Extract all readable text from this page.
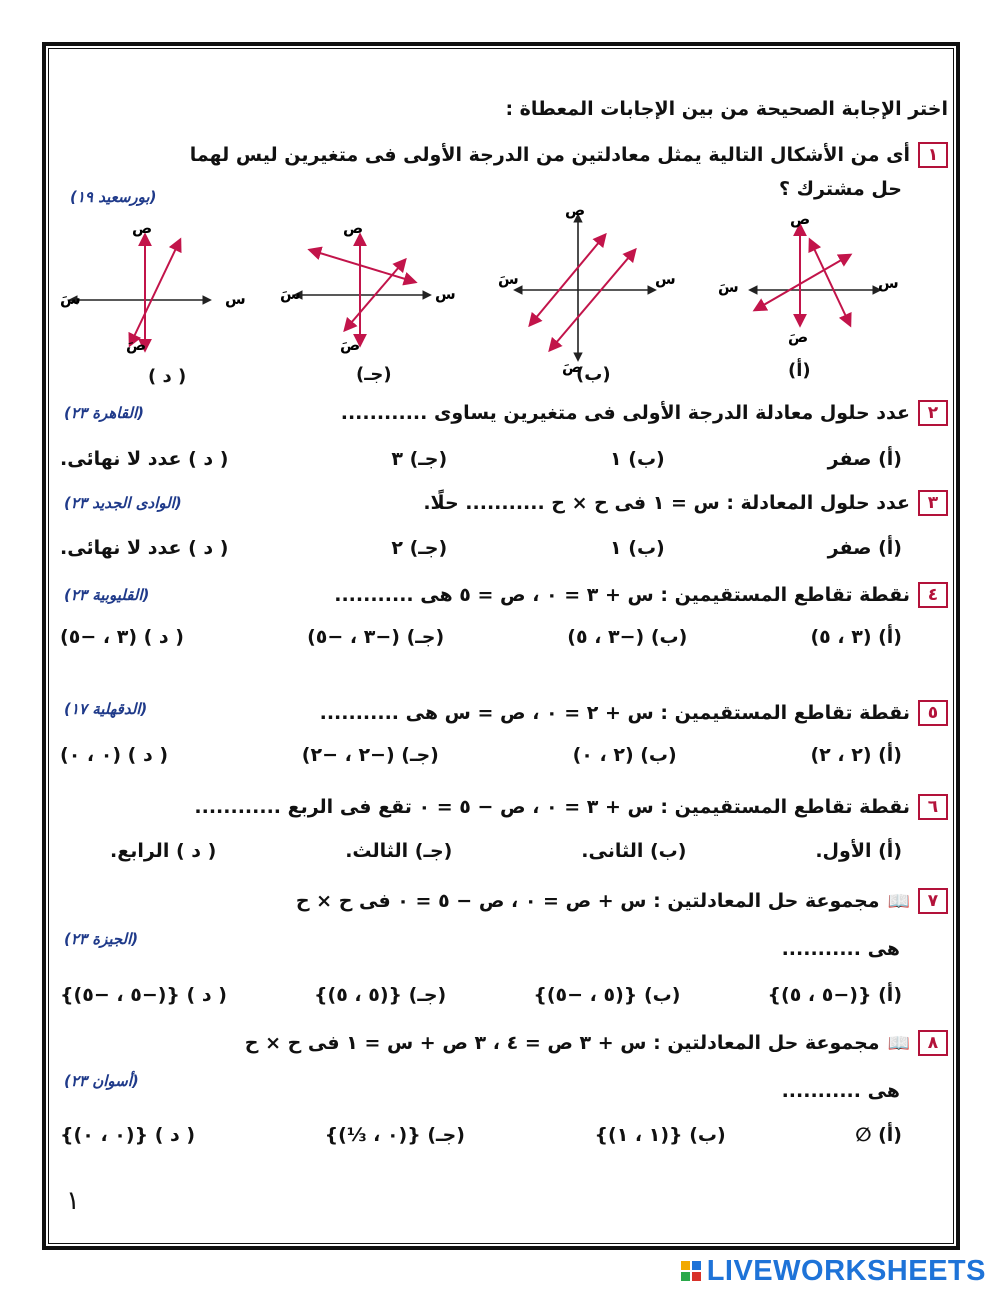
اختر الإجابة الصحيحة من بين الإجابات المعطاة :
١
أى من الأشكال التالية يمثل معادلتين من الدرجة الأولى فى متغيرين ليس لهما
حل مشترك ؟
(بورسعيد ١٩)
ص
س
سَ
صَ
ص
س
سَ
صَ
ص
س
سَ
صَ
ص
س
سَ
صَ
(أ)
(ب)
(جـ)
( د )
٢
عدد حلول معادلة الدرجة الأولى فى متغيرين يساوى ............
(القاهرة ٢٣)
(أ) صفر
(ب) ١
(جـ) ٣
( د ) عدد لا نهائى.
٣
عدد حلول المعادلة : س = ١ فى ح × ح ........... حلًا.
(الوادى الجديد ٢٣)
(أ) صفر
(ب) ١
(جـ) ٢
( د ) عدد لا نهائى.
٤
نقطة تقاطع المستقيمين : س + ٣ = ٠ ، ص = ٥ هى ...........
(القليوبية ٢٣)
(أ) (٣ ، ٥)
(ب) (−٣ ، ٥)
(جـ) (−٣ ، −٥)
( د ) (٣ ، −٥)
٥
نقطة تقاطع المستقيمين : س + ٢ = ٠ ، ص = س هى ...........
(الدقهلية ١٧)
(أ) (٢ ، ٢)
(ب) (٢ ، ٠)
(جـ) (−٢ ، −٢)
( د ) (٠ ، ٠)
٦
نقطة تقاطع المستقيمين : س + ٣ = ٠ ، ص − ٥ = ٠ تقع فى الربع ............
(أ) الأول.
(ب) الثانى.
(جـ) الثالث.
( د ) الرابع.
٧
📖
مجموعة حل المعادلتين : س + ص = ٠ ، ص − ٥ = ٠ فى ح × ح
(الجيزة ٢٣)	هى ...........
(أ) {(−٥ ، ٥)}
(ب) {(٥ ، −٥)}
(جـ) {(٥ ، ٥)}
( د ) {(−٥ ، −٥)}
٨
📖
مجموعة حل المعادلتين : س + ٣ ص = ٤ ، ٣ ص + س = ١ فى ح × ح
(أسوان ٢٣)	هى ...........
(أ) ∅
(ب) {(١ ، ١)}
(جـ) {(٠ ، ⅓)}
( د ) {(٠ ، ٠)}
١
LIVEWORKSHEETS
